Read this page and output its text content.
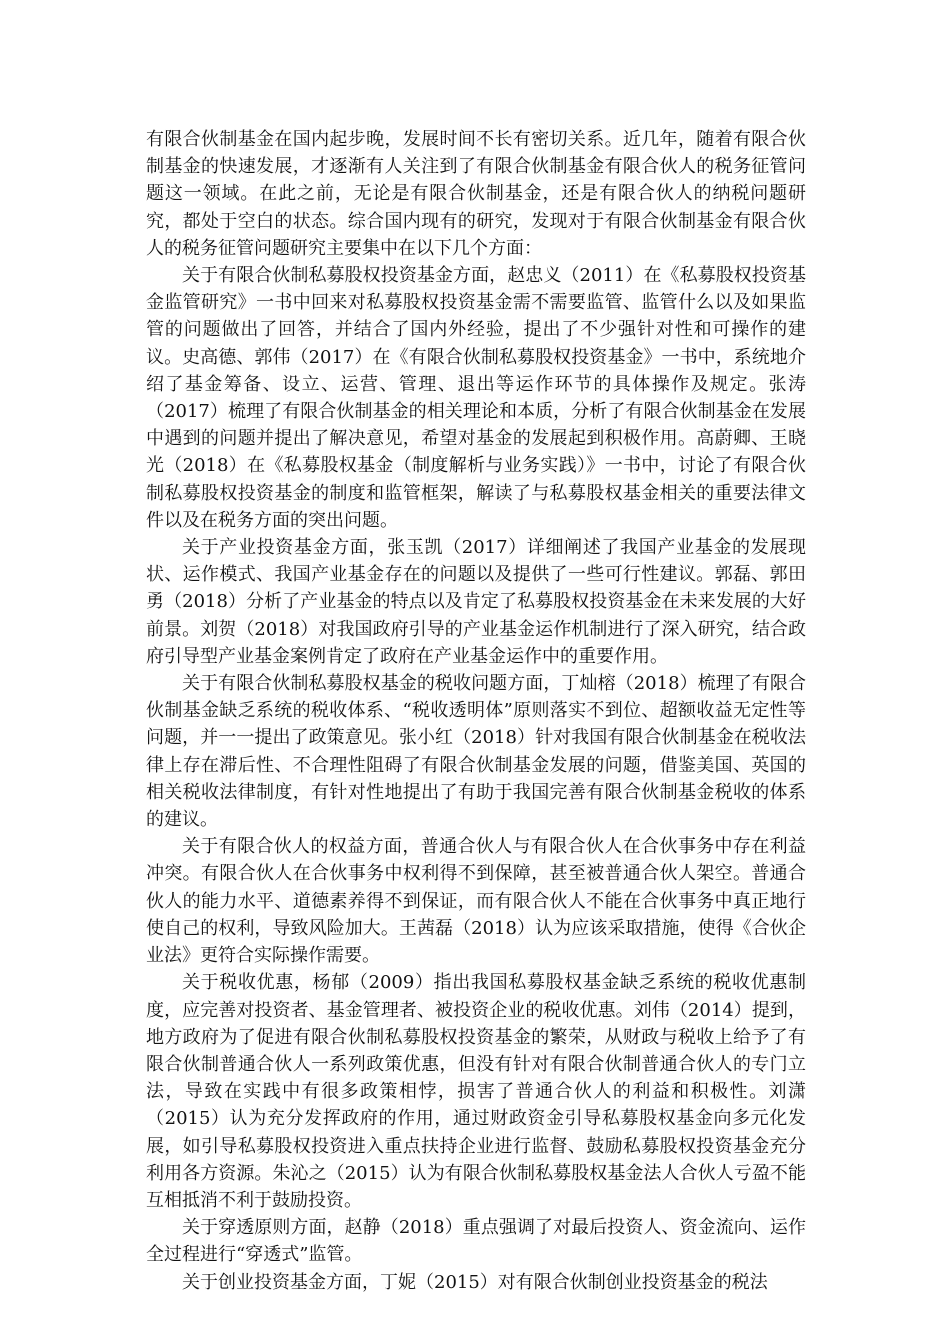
有限合伙制基金在国内起步晚，发展时间不长有密切关系。近几年，随着有限合伙制基金的快速发展，才逐渐有人关注到了有限合伙制基金有限合伙人的税务征管问题这一领域。在此之前，无论是有限合伙制基金，还是有限合伙人的纳税问题研究，都处于空白的状态。综合国内现有的研究，发现对于有限合伙制基金有限合伙人的税务征管问题研究主要集中在以下几个方面：

关于有限合伙制私募股权投资基金方面，赵忠义（2011）在《私募股权投资基金监管研究》一书中回来对私募股权投资基金需不需要监管、监管什么以及如果监管的问题做出了回答，并结合了国内外经验，提出了不少强针对性和可操作的建议。史高德、郭伟（2017）在《有限合伙制私募股权投资基金》一书中，系统地介绍了基金筹备、设立、运营、管理、退出等运作环节的具体操作及规定。张涛（2017）梳理了有限合伙制基金的相关理论和本质，分析了有限合伙制基金在发展中遇到的问题并提出了解决意见，希望对基金的发展起到积极作用。高蔚卿、王晓光（2018）在《私募股权基金（制度解析与业务实践）》一书中，讨论了有限合伙制私募股权投资基金的制度和监管框架，解读了与私募股权基金相关的重要法律文件以及在税务方面的突出问题。

关于产业投资基金方面，张玉凯（2017）详细阐述了我国产业基金的发展现状、运作模式、我国产业基金存在的问题以及提供了一些可行性建议。郭磊、郭田勇（2018）分析了产业基金的特点以及肯定了私募股权投资基金在未来发展的大好前景。刘贺（2018）对我国政府引导的产业基金运作机制进行了深入研究，结合政府引导型产业基金案例肯定了政府在产业基金运作中的重要作用。

关于有限合伙制私募股权基金的税收问题方面，丁灿榕（2018）梳理了有限合伙制基金缺乏系统的税收体系、“税收透明体”原则落实不到位、超额收益无定性等问题，并一一提出了政策意见。张小红（2018）针对我国有限合伙制基金在税收法律上存在滞后性、不合理性阻碍了有限合伙制基金发展的问题，借鉴美国、英国的相关税收法律制度，有针对性地提出了有助于我国完善有限合伙制基金税收的体系的建议。

关于有限合伙人的权益方面，普通合伙人与有限合伙人在合伙事务中存在利益冲突。有限合伙人在合伙事务中权利得不到保障，甚至被普通合伙人架空。普通合伙人的能力水平、道德素养得不到保证，而有限合伙人不能在合伙事务中真正地行使自己的权利，导致风险加大。王茜磊（2018）认为应该采取措施，使得《合伙企业法》更符合实际操作需要。

关于税收优惠，杨郁（2009）指出我国私募股权基金缺乏系统的税收优惠制度，应完善对投资者、基金管理者、被投资企业的税收优惠。刘伟（2014）提到，地方政府为了促进有限合伙制私募股权投资基金的繁荣，从财政与税收上给予了有限合伙制普通合伙人一系列政策优惠，但没有针对有限合伙制普通合伙人的专门立法，导致在实践中有很多政策相悖，损害了普通合伙人的利益和积极性。刘潇（2015）认为充分发挥政府的作用，通过财政资金引导私募股权基金向多元化发展，如引导私募股权投资进入重点扶持企业进行监督、鼓励私募股权投资基金充分利用各方资源。朱沁之（2015）认为有限合伙制私募股权基金法人合伙人亏盈不能互相抵消不利于鼓励投资。

关于穿透原则方面，赵静（2018）重点强调了对最后投资人、资金流向、运作全过程进行“穿透式”监管。

关于创业投资基金方面，丁妮（2015）对有限合伙制创业投资基金的税法
